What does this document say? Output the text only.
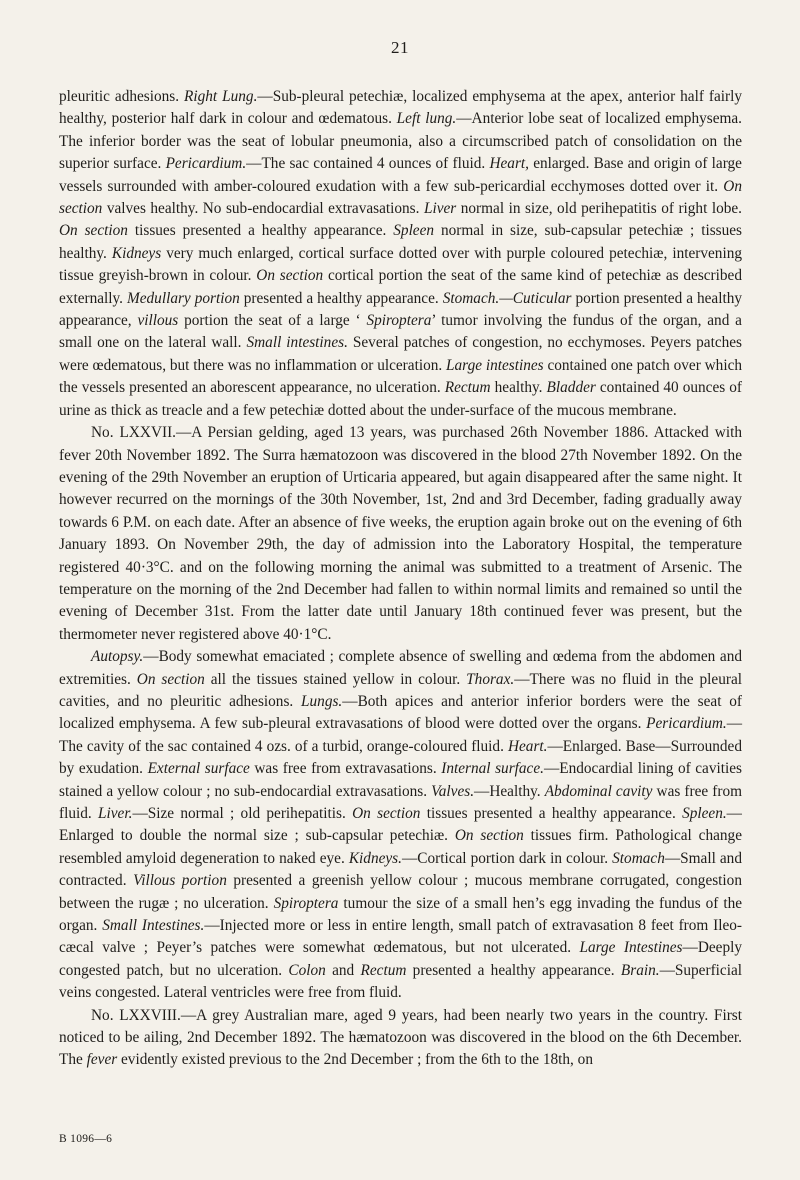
21

pleuritic adhesions. Right Lung.—Sub-pleural petechiæ, localized emphysema at the apex, anterior half fairly healthy, posterior half dark in colour and œdematous. Left lung.—Anterior lobe seat of localized emphysema. The inferior border was the seat of lobular pneumonia, also a circumscribed patch of consolidation on the superior surface. Pericardium.—The sac contained 4 ounces of fluid. Heart, enlarged. Base and origin of large vessels surrounded with amber-coloured exudation with a few sub-pericardial ecchymoses dotted over it. On section valves healthy. No sub-endocardial extravasations. Liver normal in size, old perihepatitis of right lobe. On section tissues presented a healthy appearance. Spleen normal in size, sub-capsular petechiæ ; tissues healthy. Kidneys very much enlarged, cortical surface dotted over with purple coloured petechiæ, intervening tissue greyish-brown in colour. On section cortical portion the seat of the same kind of petechiæ as described externally. Medullary portion presented a healthy appearance. Stomach.—Cuticular portion presented a healthy appearance, villous portion the seat of a large ‘ Spiroptera’ tumor involving the fundus of the organ, and a small one on the lateral wall. Small intestines. Several patches of congestion, no ecchymoses. Peyers patches were œdematous, but there was no inflammation or ulceration. Large intestines contained one patch over which the vessels presented an aborescent appearance, no ulceration. Rectum healthy. Bladder contained 40 ounces of urine as thick as treacle and a few petechiæ dotted about the under-surface of the mucous membrane.

No. LXXVII.—A Persian gelding, aged 13 years, was purchased 26th November 1886. Attacked with fever 20th November 1892. The Surra hæmatozoon was discovered in the blood 27th November 1892. On the evening of the 29th November an eruption of Urticaria appeared, but again disappeared after the same night. It however recurred on the mornings of the 30th November, 1st, 2nd and 3rd December, fading gradually away towards 6 P.M. on each date. After an absence of five weeks, the eruption again broke out on the evening of 6th January 1893. On November 29th, the day of admission into the Laboratory Hospital, the temperature registered 40·3°C. and on the following morning the animal was submitted to a treatment of Arsenic. The temperature on the morning of the 2nd December had fallen to within normal limits and remained so until the evening of December 31st. From the latter date until January 18th continued fever was present, but the thermometer never registered above 40·1°C.

Autopsy.—Body somewhat emaciated ; complete absence of swelling and œdema from the abdomen and extremities. On section all the tissues stained yellow in colour. Thorax.—There was no fluid in the pleural cavities, and no pleuritic adhesions. Lungs.—Both apices and anterior inferior borders were the seat of localized emphysema. A few sub-pleural extravasations of blood were dotted over the organs. Pericardium.—The cavity of the sac contained 4 ozs. of a turbid, orange-coloured fluid. Heart.—Enlarged. Base—Surrounded by exudation. External surface was free from extravasations. Internal surface.—Endocardial lining of cavities stained a yellow colour ; no sub-endocardial extravasations. Valves.—Healthy. Abdominal cavity was free from fluid. Liver.—Size normal ; old perihepatitis. On section tissues presented a healthy appearance. Spleen.—Enlarged to double the normal size ; sub-capsular petechiæ. On section tissues firm. Pathological change resembled amyloid degeneration to naked eye. Kidneys.—Cortical portion dark in colour. Stomach—Small and contracted. Villous portion presented a greenish yellow colour ; mucous membrane corrugated, congestion between the rugæ ; no ulceration. Spiroptera tumour the size of a small hen’s egg invading the fundus of the organ. Small Intestines.—Injected more or less in entire length, small patch of extravasation 8 feet from Ileo-cæcal valve ; Peyer’s patches were somewhat œdematous, but not ulcerated. Large Intestines—Deeply congested patch, but no ulceration. Colon and Rectum presented a healthy appearance. Brain.—Superficial veins congested. Lateral ventricles were free from fluid.

No. LXXVIII.—A grey Australian mare, aged 9 years, had been nearly two years in the country. First noticed to be ailing, 2nd December 1892. The hæmatozoon was discovered in the blood on the 6th December. The fever evidently existed previous to the 2nd December ; from the 6th to the 18th, on

B 1096—6
